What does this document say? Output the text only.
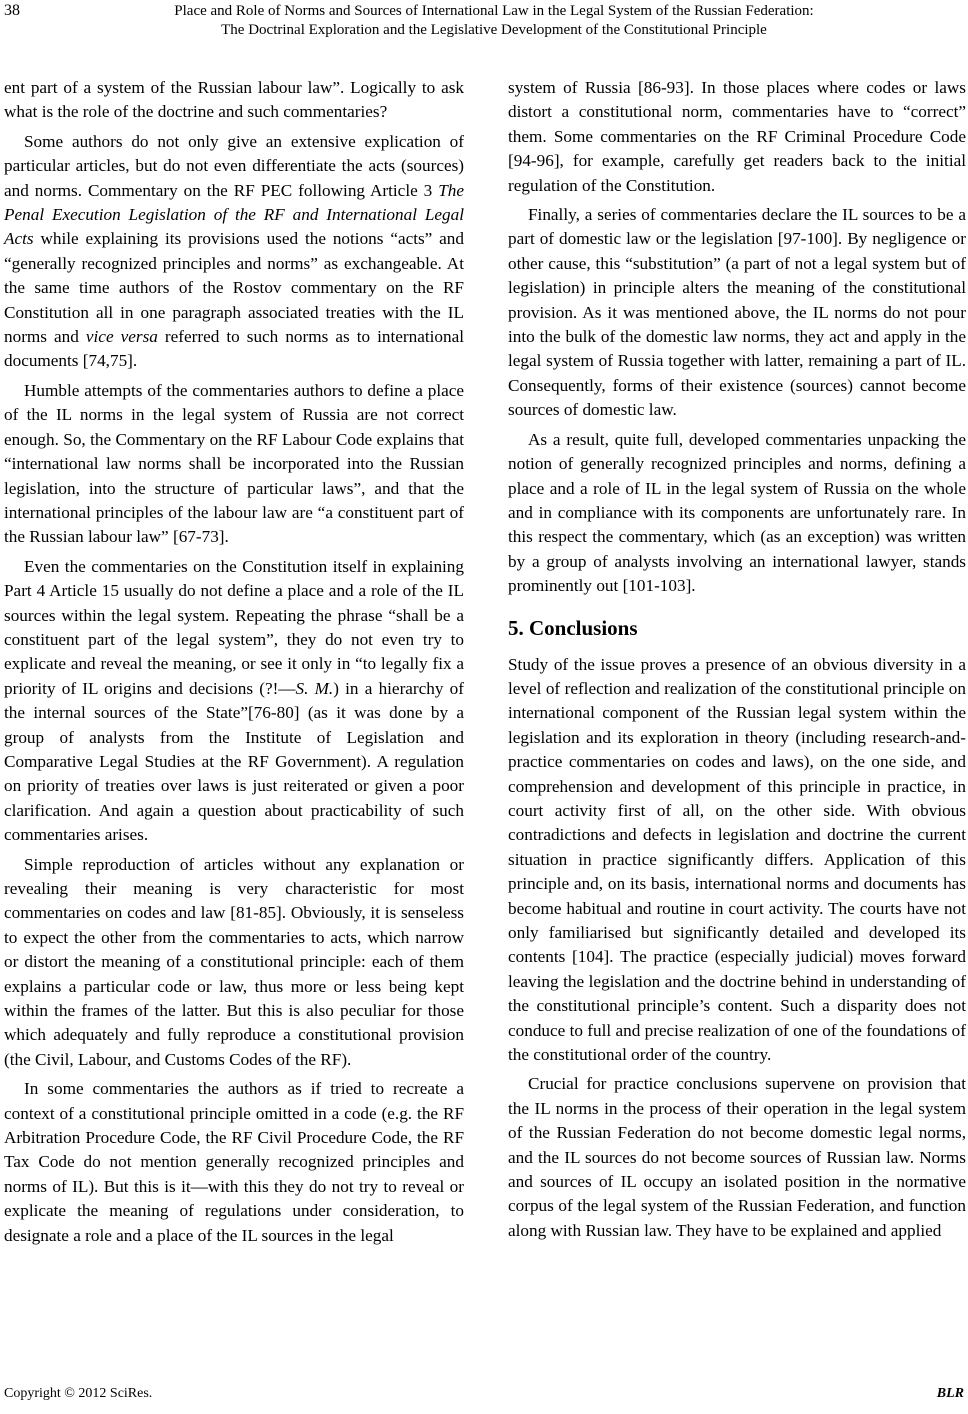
38	Place and Role of Norms and Sources of International Law in the Legal System of the Russian Federation:
The Doctrinal Exploration and the Legislative Development of the Constitutional Principle

ent part of a system of the Russian labour law”. Logically to ask what is the role of the doctrine and such commentaries?

Some authors do not only give an extensive explication of particular articles, but do not even differentiate the acts (sources) and norms. Commentary on the RF PEC following Article 3 The Penal Execution Legislation of the RF and International Legal Acts while explaining its provisions used the notions “acts” and “generally recognized principles and norms” as exchangeable. At the same time authors of the Rostov commentary on the RF Constitution all in one paragraph associated treaties with the IL norms and vice versa referred to such norms as to international documents [74,75].

Humble attempts of the commentaries authors to define a place of the IL norms in the legal system of Russia are not correct enough. So, the Commentary on the RF Labour Code explains that “international law norms shall be incorporated into the Russian legislation, into the structure of particular laws”, and that the international principles of the labour law are “a constituent part of the Russian labour law” [67-73].

Even the commentaries on the Constitution itself in explaining Part 4 Article 15 usually do not define a place and a role of the IL sources within the legal system. Repeating the phrase “shall be a constituent part of the legal system”, they do not even try to explicate and reveal the meaning, or see it only in “to legally fix a priority of IL origins and decisions (?!—S. M.) in a hierarchy of the internal sources of the State”[76-80] (as it was done by a group of analysts from the Institute of Legislation and Comparative Legal Studies at the RF Government). A regulation on priority of treaties over laws is just reiterated or given a poor clarification. And again a question about practicability of such commentaries arises.

Simple reproduction of articles without any explanation or revealing their meaning is very characteristic for most commentaries on codes and law [81-85]. Obviously, it is senseless to expect the other from the commentaries to acts, which narrow or distort the meaning of a constitutional principle: each of them explains a particular code or law, thus more or less being kept within the frames of the latter. But this is also peculiar for those which adequately and fully reproduce a constitutional provision (the Civil, Labour, and Customs Codes of the RF).

In some commentaries the authors as if tried to recreate a context of a constitutional principle omitted in a code (e.g. the RF Arbitration Procedure Code, the RF Civil Procedure Code, the RF Tax Code do not mention generally recognized principles and norms of IL). But this is it—with this they do not try to reveal or explicate the meaning of regulations under consideration, to designate a role and a place of the IL sources in the legal

system of Russia [86-93]. In those places where codes or laws distort a constitutional norm, commentaries have to “correct” them. Some commentaries on the RF Criminal Procedure Code [94-96], for example, carefully get readers back to the initial regulation of the Constitution.

Finally, a series of commentaries declare the IL sources to be a part of domestic law or the legislation [97-100]. By negligence or other cause, this “substitution” (a part of not a legal system but of legislation) in principle alters the meaning of the constitutional provision. As it was mentioned above, the IL norms do not pour into the bulk of the domestic law norms, they act and apply in the legal system of Russia together with latter, remaining a part of IL. Consequently, forms of their existence (sources) cannot become sources of domestic law.

As a result, quite full, developed commentaries unpacking the notion of generally recognized principles and norms, defining a place and a role of IL in the legal system of Russia on the whole and in compliance with its components are unfortunately rare. In this respect the commentary, which (as an exception) was written by a group of analysts involving an international lawyer, stands prominently out [101-103].

5. Conclusions

Study of the issue proves a presence of an obvious diversity in a level of reflection and realization of the constitutional principle on international component of the Russian legal system within the legislation and its exploration in theory (including research-and-practice commentaries on codes and laws), on the one side, and comprehension and development of this principle in practice, in court activity first of all, on the other side. With obvious contradictions and defects in legislation and doctrine the current situation in practice significantly differs. Application of this principle and, on its basis, international norms and documents has become habitual and routine in court activity. The courts have not only familiarised but significantly detailed and developed its contents [104]. The practice (especially judicial) moves forward leaving the legislation and the doctrine behind in understanding of the constitutional principle’s content. Such a disparity does not conduce to full and precise realization of one of the foundations of the constitutional order of the country.

Crucial for practice conclusions supervene on provision that the IL norms in the process of their operation in the legal system of the Russian Federation do not become domestic legal norms, and the IL sources do not become sources of Russian law. Norms and sources of IL occupy an isolated position in the normative corpus of the legal system of the Russian Federation, and function along with Russian law. They have to be explained and applied

Copyright © 2012 SciRes.	BLR
